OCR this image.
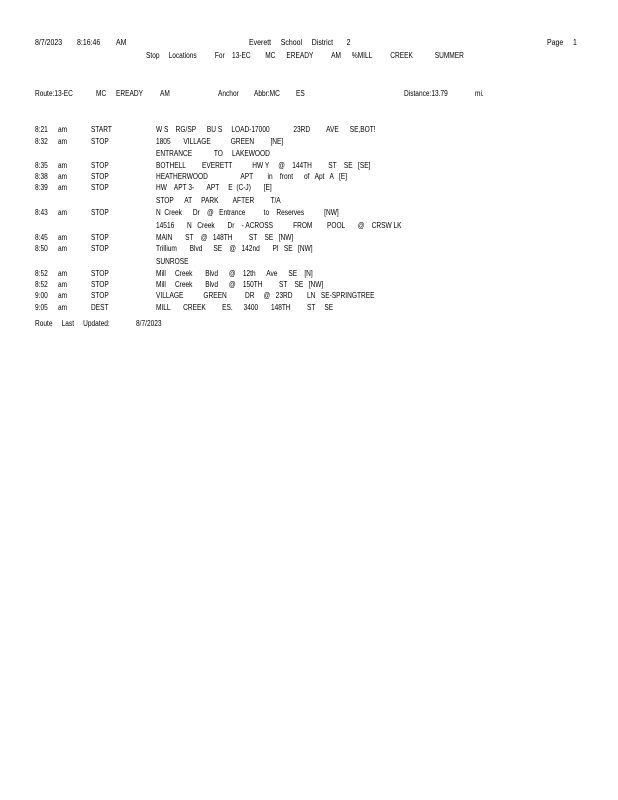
8/7/2023 8:16:46 AM	Everett     School     District       2	Page 1
Stop     Locations          For    13-EC        MC      EREADY          AM      %MILL          CREEK            SUMMER
Route:13-EC	MC EREADY AM	Anchor Abbr:MC ES	Distance:13.79	mi.
8:21 am	START	W S    RG/SP      BU S     LOAD-17000             23RD         AVE      SE,BOT!
8:32 am	STOP	1805       VILLAGE           GREEN         [NE]
ENTRANCE            TO     LAKEWOOD
8:35 am	STOP	BOTHELL         EVERETT           HW Y     @    144TH         ST    SE   [SE]
8:38 am	STOP	HEATHERWOOD                  APT        in    front      of   Apt   A   [E]
8:39 am	STOP	HW    APT 3-       APT     E  (C-J)       [E]
STOP      AT     PARK        AFTER         T/A
8:43 am	STOP	N  Creek      Dr    @   Entrance          to    Reserves           [NW]
14516       N   Creek       Dr    - ACROSS           FROM        POOL       @    CRSW LK
8:45 am	STOP	MAIN       ST    @   148TH         ST    SE   [NW]
8:50 am	STOP	Trillium       Blvd      SE    @   142nd       Pl   SE   [NW]
SUNROSE
8:52 am	STOP	Mill     Creek       Blvd      @    12th      Ave      SE    [N]
8:52 am	STOP	Mill     Creek       Blvd      @    150TH         ST    SE   [NW]
9:00 am	STOP	VILLAGE           GREEN          DR     @   23RD        LN   SE-SPRINGTREE
9:05 am	DEST	MILL       CREEK         ES.      3400       148TH         ST     SE
Route     Last     Updated:	8/7/2023
